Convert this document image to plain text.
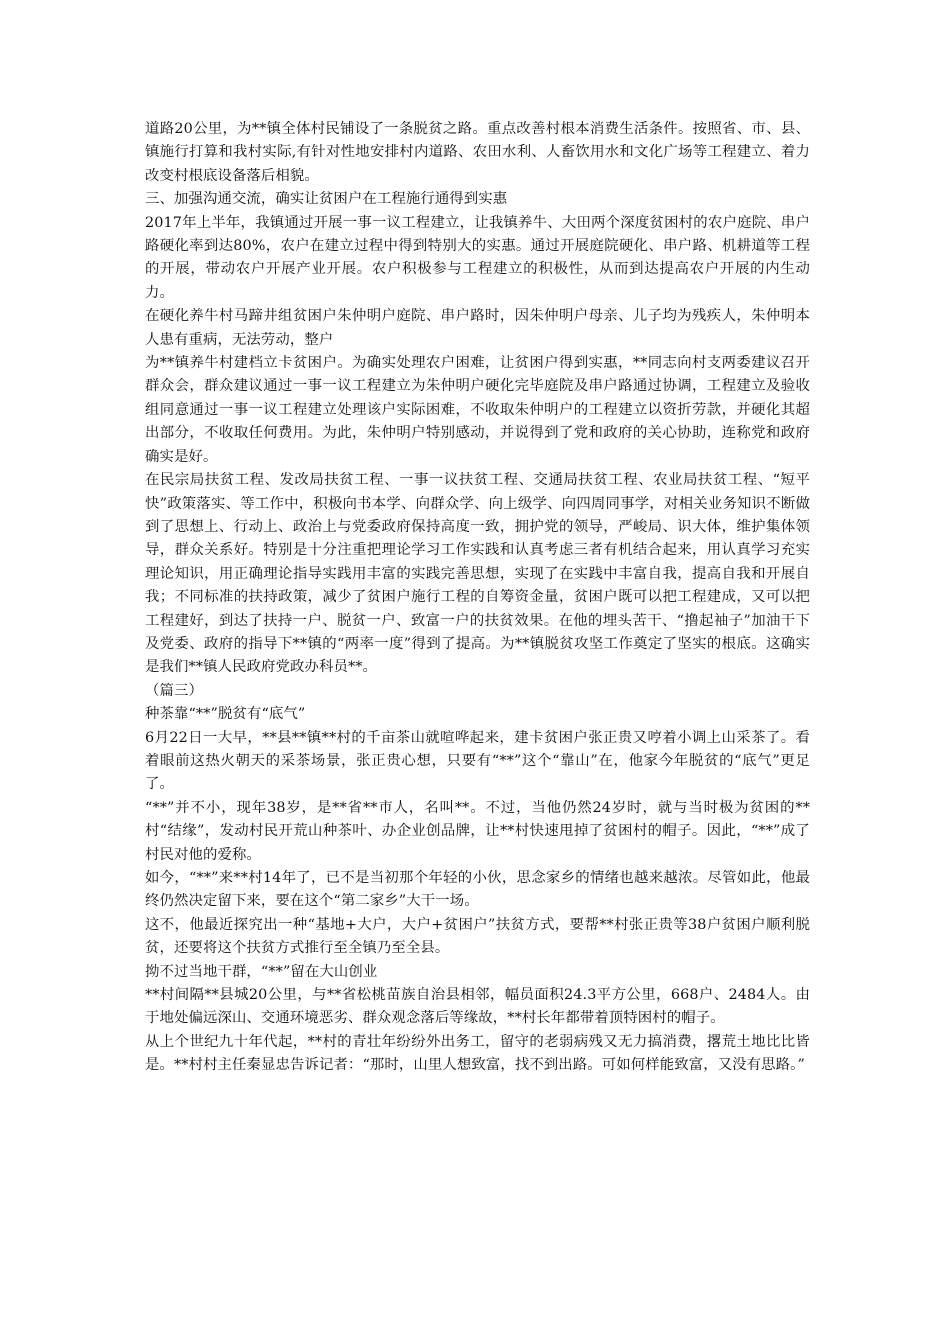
道路20公里，为**镇全体村民铺设了一条脱贫之路。重点改善村根本消费生活条件。按照省、市、县、镇施行打算和我村实际,有针对性地安排村内道路、农田水利、人畜饮用水和文化广场等工程建立、着力改变村根底设备落后相貌。

三、加强沟通交流，确实让贫困户在工程施行通得到实惠

2017年上半年，我镇通过开展一事一议工程建立，让我镇养牛、大田两个深度贫困村的农户庭院、串户路硬化率到达80%，农户在建立过程中得到特别大的实惠。通过开展庭院硬化、串户路、机耕道等工程的开展，带动农户开展产业开展。农户积极参与工程建立的积极性，从而到达提高农户开展的内生动力。

在硬化养牛村马蹄井组贫困户朱仲明户庭院、串户路时，因朱仲明户母亲、儿子均为残疾人，朱仲明本人患有重病，无法劳动，整户

为**镇养牛村建档立卡贫困户。为确实处理农户困难，让贫困户得到实惠，**同志向村支两委建议召开群众会，群众建议通过一事一议工程建立为朱仲明户硬化完毕庭院及串户路通过协调，工程建立及验收组同意通过一事一议工程建立处理该户实际困难，不收取朱仲明户的工程建立以资折劳款，并硬化其超出部分，不收取任何费用。为此，朱仲明户特别感动，并说得到了党和政府的关心协助，连称党和政府确实是好。

在民宗局扶贫工程、发改局扶贫工程、一事一议扶贫工程、交通局扶贫工程、农业局扶贫工程、“短平快”政策落实、等工作中，积极向书本学、向群众学、向上级学、向四周同事学，对相关业务知识不断做到了思想上、行动上、政治上与党委政府保持高度一致，拥护党的领导，严峻局、识大体，维护集体领导，群众关系好。特别是十分注重把理论学习工作实践和认真考虑三者有机结合起来，用认真学习充实理论知识，用正确理论指导实践用丰富的实践完善思想，实现了在实践中丰富自我，提高自我和开展自我；不同标准的扶持政策，减少了贫困户施行工程的自筹资金量，贫困户既可以把工程建成，又可以把工程建好，到达了扶持一户、脱贫一户、致富一户的扶贫效果。在他的埋头苦干、“撸起袖子”加油干下及党委、政府的指导下**镇的“两率一度”得到了提高。为**镇脱贫攻坚工作奠定了坚实的根底。这确实是我们**镇人民政府党政办科员**。

（篇三）

种茶靠“**”脱贫有“底气”

6月22日一大早，**县**镇**村的千亩茶山就喧哗起来，建卡贫困户张正贵又哼着小调上山采茶了。看着眼前这热火朝天的采茶场景，张正贵心想，只要有“**”这个“靠山”在，他家今年脱贫的“底气”更足了。

“**”并不小，现年38岁，是**省**市人，名叫**。不过，当他仍然24岁时，就与当时极为贫困的**村“结缘”，发动村民开荒山种茶叶、办企业创品牌，让**村快速甩掉了贫困村的帽子。因此，“**”成了村民对他的爱称。

如今，“**”来**村14年了，已不是当初那个年轻的小伙，思念家乡的情绪也越来越浓。尽管如此，他最终仍然决定留下来，要在这个“第二家乡”大干一场。

这不，他最近探究出一种“基地+大户，大户+贫困户”扶贫方式，要帮**村张正贵等38户贫困户顺利脱贫，还要将这个扶贫方式推行至全镇乃至全县。

拗不过当地干群，“**”留在大山创业

**村间隔**县城20公里，与**省松桃苗族自治县相邻，幅员面积24.3平方公里，668户、2484人。由于地处偏远深山、交通环境恶劣、群众观念落后等缘故，**村长年都带着顶特困村的帽子。

从上个世纪九十年代起，**村的青壮年纷纷外出务工，留守的老弱病残又无力搞消费，撂荒土地比比皆是。**村村主任秦显忠告诉记者：“那时，山里人想致富，找不到出路。可如何样能致富，又没有思路。”
